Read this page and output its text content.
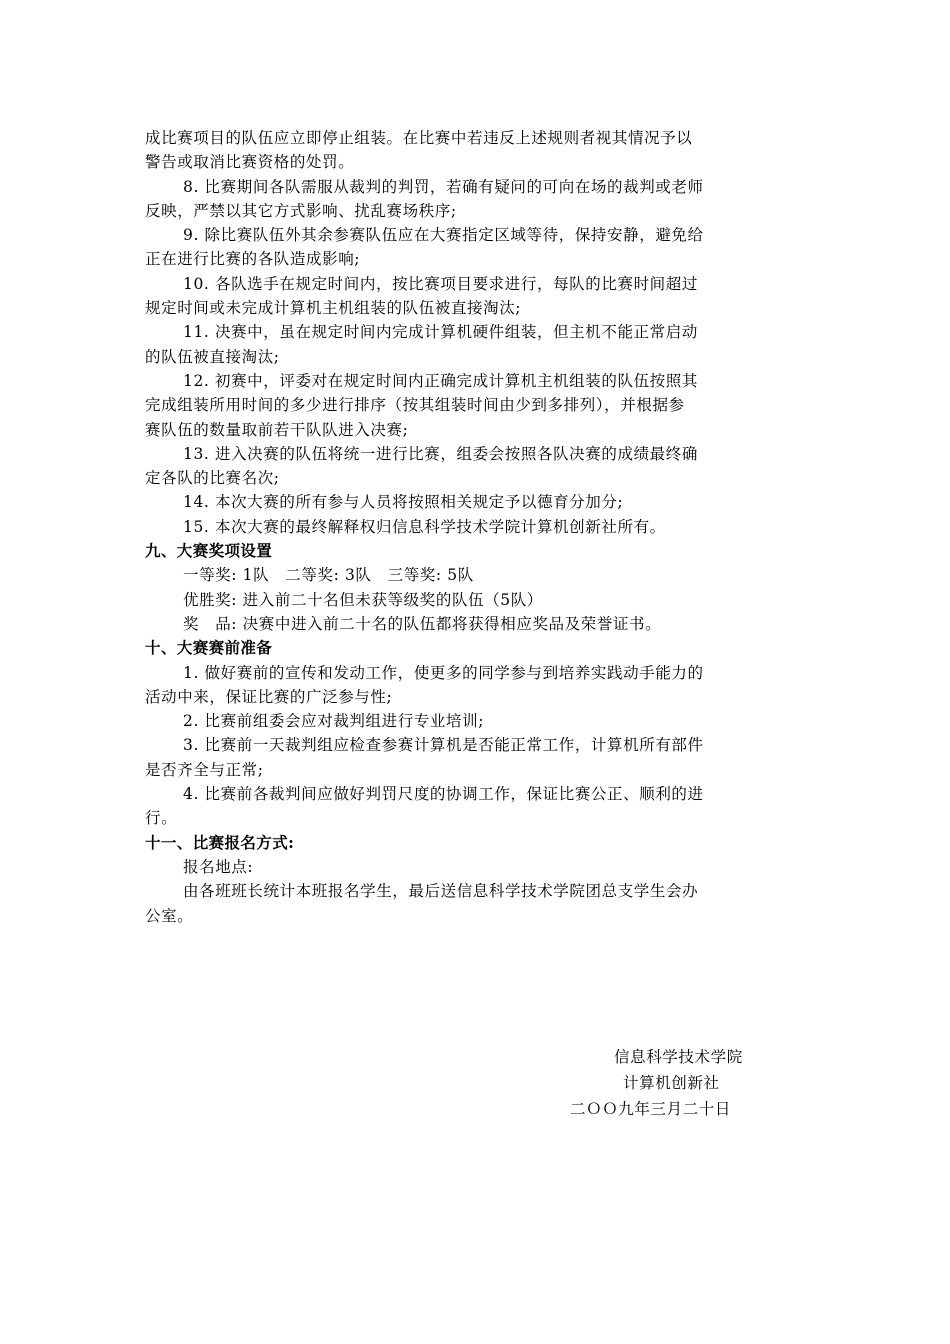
成比赛项目的队伍应立即停止组装。在比赛中若违反上述规则者视其情况予以
警告或取消比赛资格的处罚。
8. 比赛期间各队需服从裁判的判罚，若确有疑问的可向在场的裁判或老师
反映，严禁以其它方式影响、扰乱赛场秩序;
9. 除比赛队伍外其余参赛队伍应在大赛指定区域等待，保持安静，避免给
正在进行比赛的各队造成影响;
10. 各队选手在规定时间内，按比赛项目要求进行，每队的比赛时间超过
规定时间或未完成计算机主机组装的队伍被直接淘汰;
11. 决赛中，虽在规定时间内完成计算机硬件组装，但主机不能正常启动
的队伍被直接淘汰;
12. 初赛中，评委对在规定时间内正确完成计算机主机组装的队伍按照其
完成组装所用时间的多少进行排序（按其组装时间由少到多排列），并根据参
赛队伍的数量取前若干队队进入决赛;
13. 进入决赛的队伍将统一进行比赛，组委会按照各队决赛的成绩最终确
定各队的比赛名次;
14. 本次大赛的所有参与人员将按照相关规定予以德育分加分;
15. 本次大赛的最终解释权归信息科学技术学院计算机创新社所有。
九、大赛奖项设置
一等奖: 1队　二等奖: 3队　三等奖: 5队
优胜奖: 进入前二十名但未获等级奖的队伍（5队）
奖　品: 决赛中进入前二十名的队伍都将获得相应奖品及荣誉证书。
十、大赛赛前准备
1. 做好赛前的宣传和发动工作，使更多的同学参与到培养实践动手能力的
活动中来，保证比赛的广泛参与性;
2. 比赛前组委会应对裁判组进行专业培训;
3. 比赛前一天裁判组应检查参赛计算机是否能正常工作，计算机所有部件
是否齐全与正常;
4. 比赛前各裁判间应做好判罚尺度的协调工作，保证比赛公正、顺利的进
行。
十一、比赛报名方式:
报名地点:
由各班班长统计本班报名学生，最后送信息科学技术学院团总支学生会办
公室。
信息科学技术学院
计算机创新社
二ＯＯ九年三月二十日
